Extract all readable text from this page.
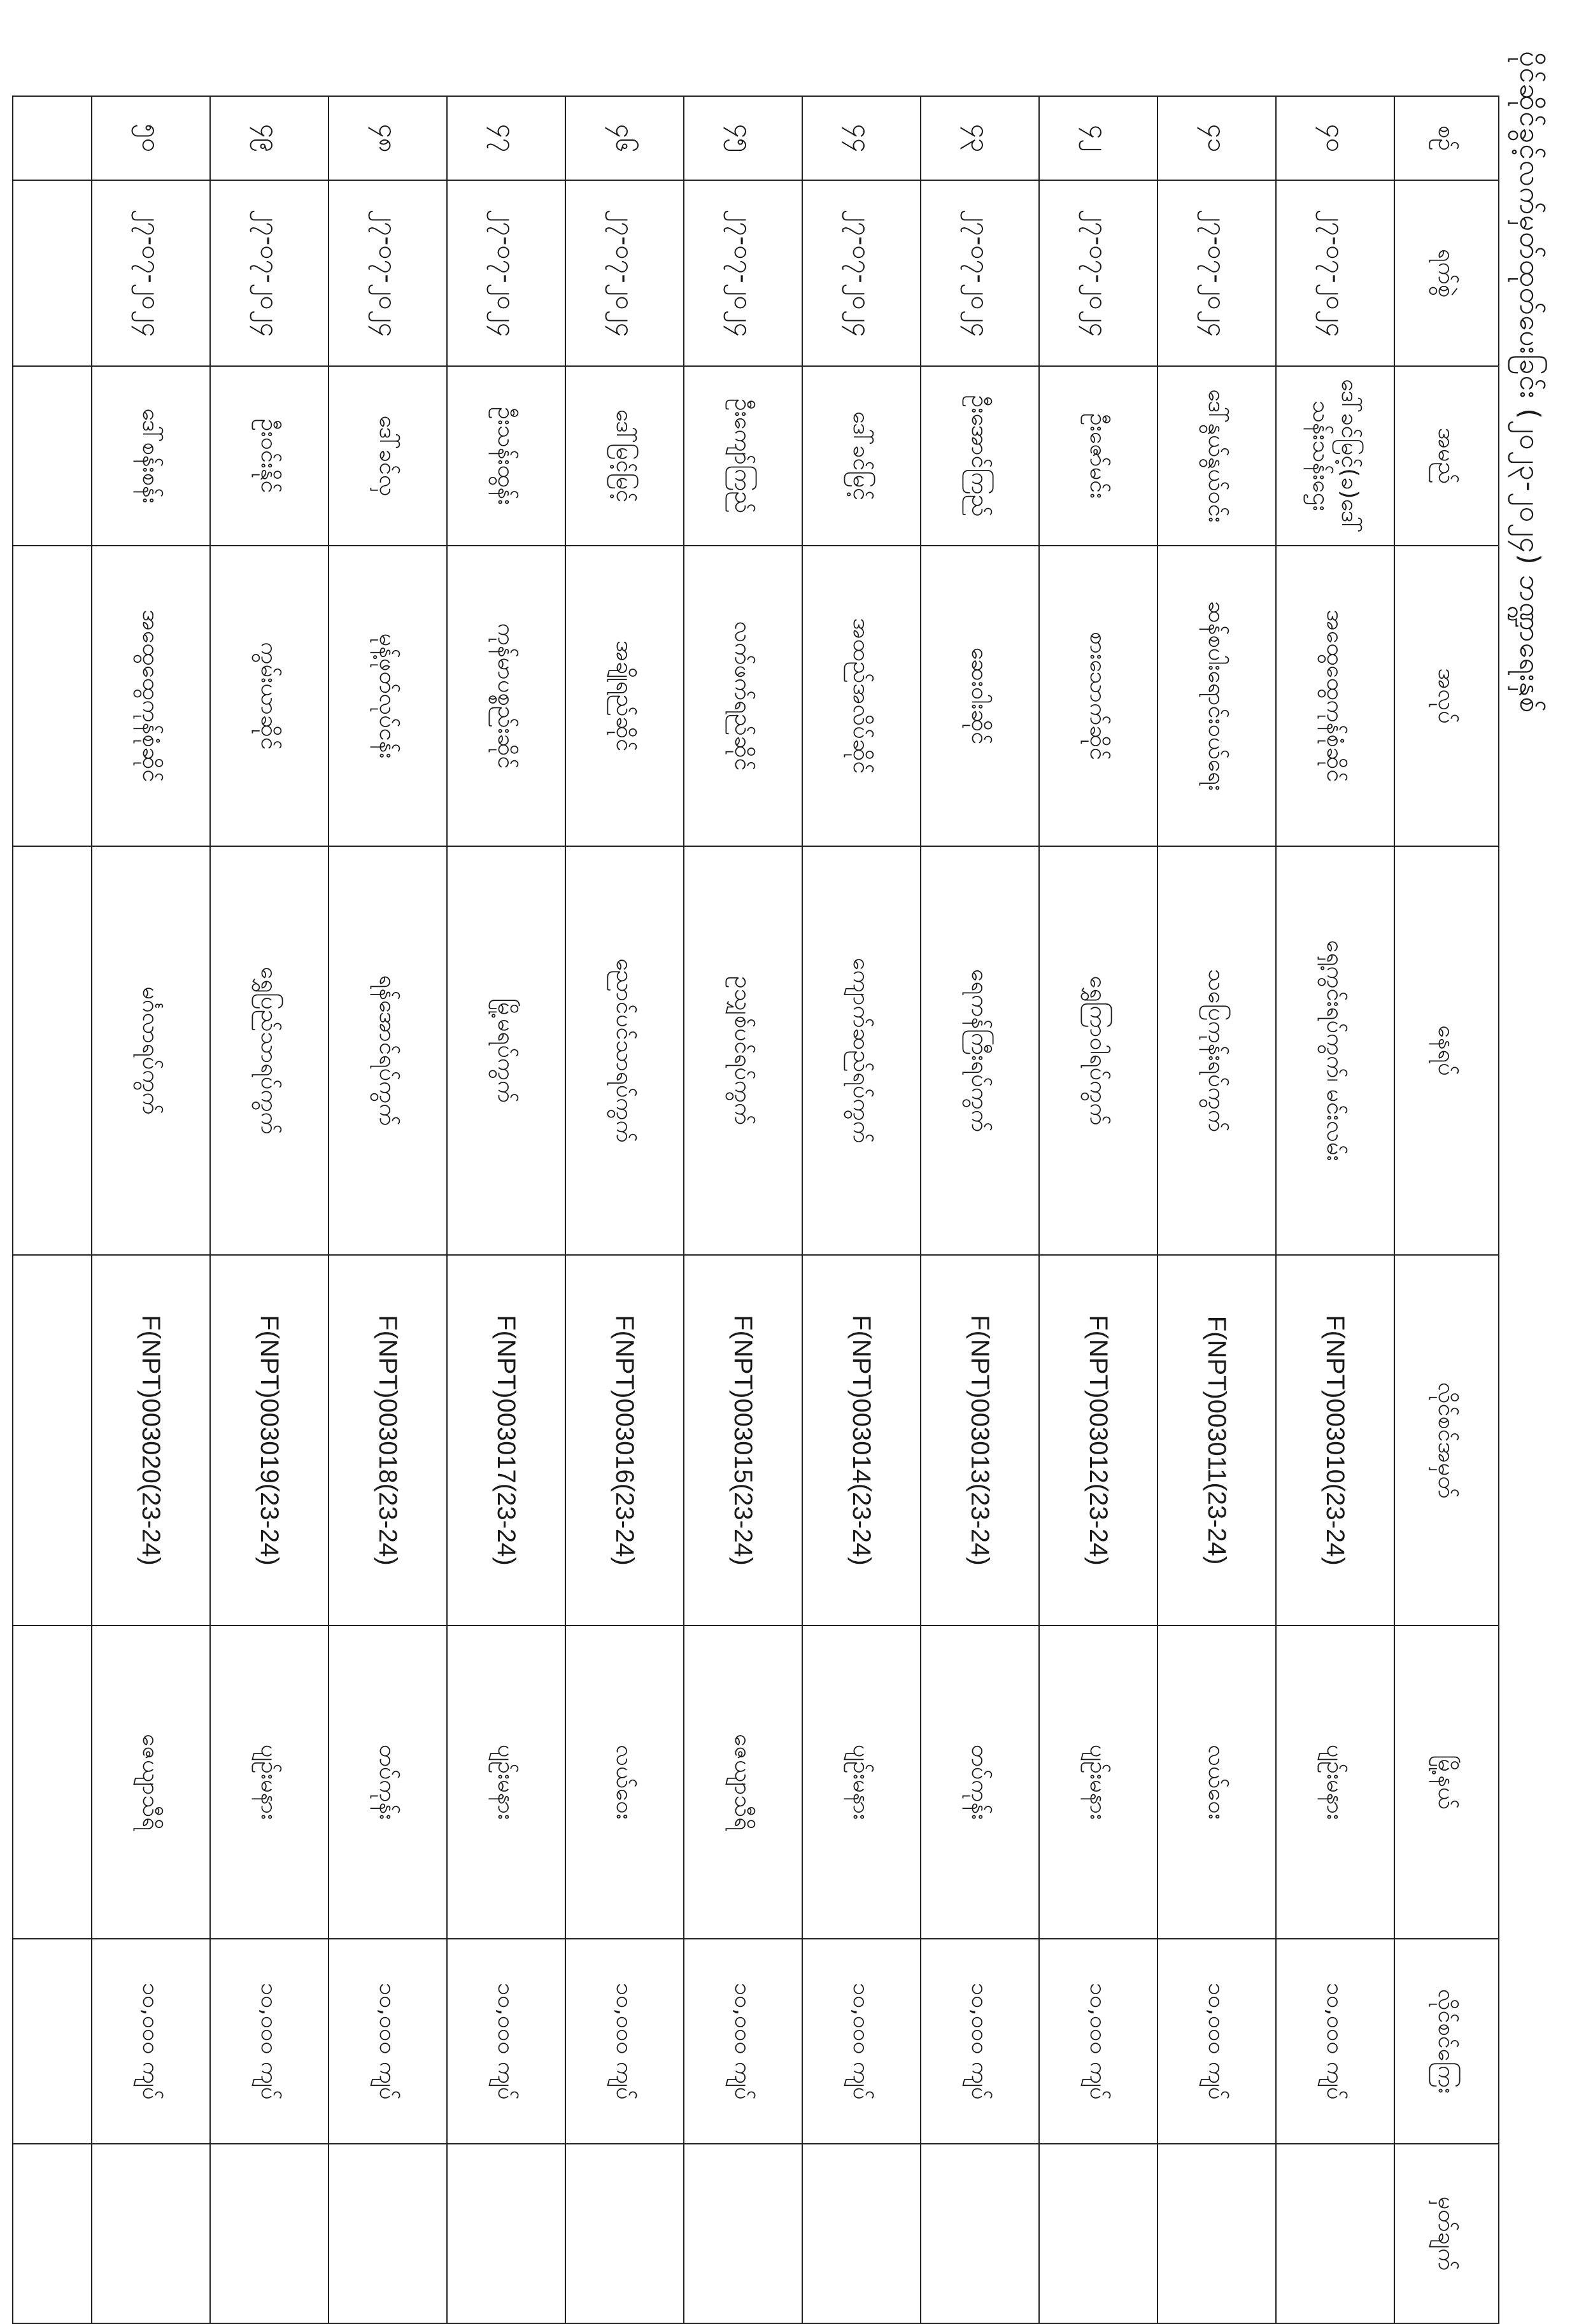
ပိုင်ဆိုင်ခွင့်လက်မှတ်ထုတ်ပေးခြင်း (၂၀၂၃-၂၀၂၄) ဘဏ္ဍာရေးနှစ်
စဉ်	ရက်စွဲ	အမည်	အလုပ်	နေရပ်	လိုင်စင်အမှတ်	မြို့နယ်	လိုင်စင်ကြေး	မှတ်ချက်
၄၀	၂၇-၀၇-၂၀၂၄	ဒေါ်ခင်မြင့်(ခ)ဒေါ်သန်းသန်းဌေး	အထွေထွေကုန်စုံဆိုင်	ရှေ့ကွင်းရပ်ကွက်၊ မင်းလမ်း	F(NPT)003010(23-24)	ပျဉ်းမနား	၁၀,၀၀၀ ကျပ်	
၄၁	၂၇-၀၇-၂၀၂၄	ဒေါ်နွယ်နွယ်ဝင်း	ဆန်စပါးရောင်းဝယ်ရေး	သပြေကုန်းရပ်ကွက်	F(NPT)003011(23-24)	လယ်ဝေး	၁၀,၀၀၀ ကျပ်	
၄၂	၂၇-၀၇-၂၀၂၄	ဦးဇော်မင်း	စားသောက်ဆိုင်	ရွှေကြာဝါရပ်ကွက်	F(NPT)003012(23-24)	ပျဉ်းမနား	၁၀,၀၀၀ ကျပ်	
၄၃	၂၇-၀၇-၂၀၂၄	ဦးအောင်ကြည်	ဆေးဝါးဆိုင်	ရေကန်ကြီးရပ်ကွက်	F(NPT)003013(23-24)	တပ်ကုန်း	၁၀,၀၀၀ ကျပ်	
၄၄	၂၇-၀၇-၂၀၂၄	ဒေါ်ခင်မြင့်	အထည်အလိပ်ဆိုင်	ကျောက်ဆည်ရပ်ကွက်	F(NPT)003014(23-24)	ပျဉ်းမနား	၁၀,၀၀၀ ကျပ်	
၄၅	၂၇-၀၇-၂၀၂၄	ဦးကျော်ကြည်	လက်ဖက်ရည်ဆိုင်	ဥသျှစ်ပင်ရပ်ကွက်	F(NPT)003015(23-24)	ဇေယျာသီရိ	၁၀,၀၀၀ ကျပ်	
၄၆	၂၇-၀၇-၂၀၂၄	ဒေါ်မြင့်မြင့်	အချိုရည်ဆိုင်	ညောင်ပင်သာရပ်ကွက်	F(NPT)003016(23-24)	လယ်ဝေး	၁၀,၀၀၀ ကျပ်	
၄၇	၂၇-၀၇-၂၀၂၄	ဦးသန်းထွန်း	ကုန်မာပစ္စည်းဆိုင်	မြို့မရပ်ကွက်	F(NPT)003017(23-24)	ပျဉ်းမနား	၁၀,၀၀၀ ကျပ်	
၄၈	၂၇-၀၇-၂၀၂၄	ဒေါ်ခင်လှ	မုန့်ဖုတ်လုပ်ငန်း	ရန်အောင်ရပ်ကွက်	F(NPT)003018(23-24)	တပ်ကုန်း	၁၀,၀၀၀ ကျပ်	
၄၉	၂၇-၀၇-၂၀၂၄	ဦးဝင်းနိုင်	ကွမ်းယာဆိုင်	ရွှေပြည်သာရပ်ကွက်	F(NPT)003019(23-24)	ပျဉ်းမနား	၁၀,၀၀၀ ကျပ်	
၅၀	၂၇-၀၇-၂၀၂၄	ဒေါ်စန်းစန်း	အထွေထွေကုန်စုံဆိုင်	မင်္ဂလာရပ်ကွက်	F(NPT)003020(23-24)	ဇေယျာသီရိ	၁၀,၀၀၀ ကျပ်	
